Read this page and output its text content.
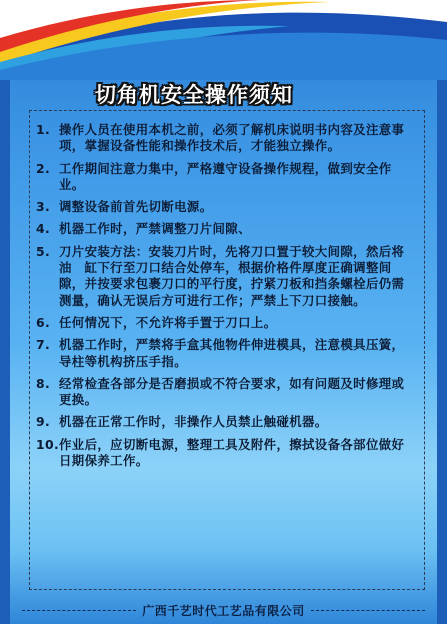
切角机安全操作须知
1. 操作人员在使用本机之前，必须了解机床说明书内容及注意事项，掌握设备性能和操作技术后，才能独立操作。
2. 工作期间注意力集中，严格遵守设备操作规程，做到安全作业。
3. 调整设备前首先切断电源。
4. 机器工作时，严禁调整刀片间隙、
5. 刀片安装方法：安装刀片时，先将刀口置于较大间隙，然后将油　缸下行至刀口结合处停车，根据价格件厚度正确调整间隙，并按要求包裹刀口的平行度，拧紧刀板和挡条螺栓后仍需测量，确认无误后方可进行工作；严禁上下刀口接触。
6. 任何情况下，不允许将手置于刀口上。
7. 机器工作时，严禁将手盒其他物件伸进模具，注意模具压簧，导柱等机构挤压手指。
8. 经常检查各部分是否磨损或不符合要求，如有问题及时修理或更换。
9. 机器在正常工作时，非操作人员禁止触碰机器。
10. 作业后，应切断电源，整理工具及附件，擦拭设备各部位做好日期保养工作。
广西千艺时代工艺品有限公司
